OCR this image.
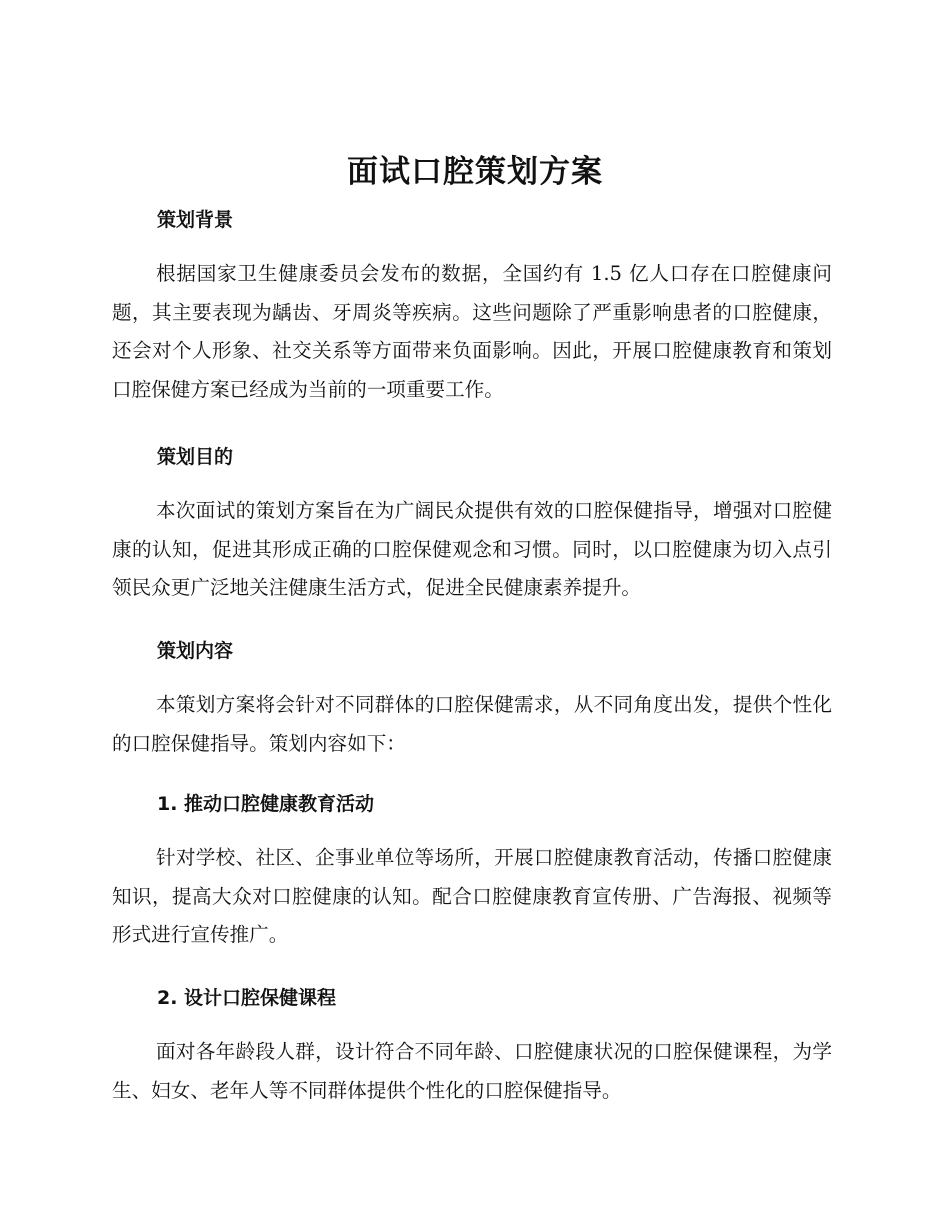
面试口腔策划方案
策划背景

根据国家卫生健康委员会发布的数据，全国约有 1.5 亿人口存在口腔健康问题，其主要表现为龋齿、牙周炎等疾病。这些问题除了严重影响患者的口腔健康，还会对个人形象、社交关系等方面带来负面影响。因此，开展口腔健康教育和策划口腔保健方案已经成为当前的一项重要工作。

策划目的

本次面试的策划方案旨在为广阔民众提供有效的口腔保健指导，增强对口腔健康的认知，促进其形成正确的口腔保健观念和习惯。同时，以口腔健康为切入点引领民众更广泛地关注健康生活方式，促进全民健康素养提升。

策划内容

本策划方案将会针对不同群体的口腔保健需求，从不同角度出发，提供个性化的口腔保健指导。策划内容如下：

1. 推动口腔健康教育活动

针对学校、社区、企事业单位等场所，开展口腔健康教育活动，传播口腔健康知识，提高大众对口腔健康的认知。配合口腔健康教育宣传册、广告海报、视频等形式进行宣传推广。

2. 设计口腔保健课程

面对各年龄段人群，设计符合不同年龄、口腔健康状况的口腔保健课程，为学生、妇女、老年人等不同群体提供个性化的口腔保健指导。
